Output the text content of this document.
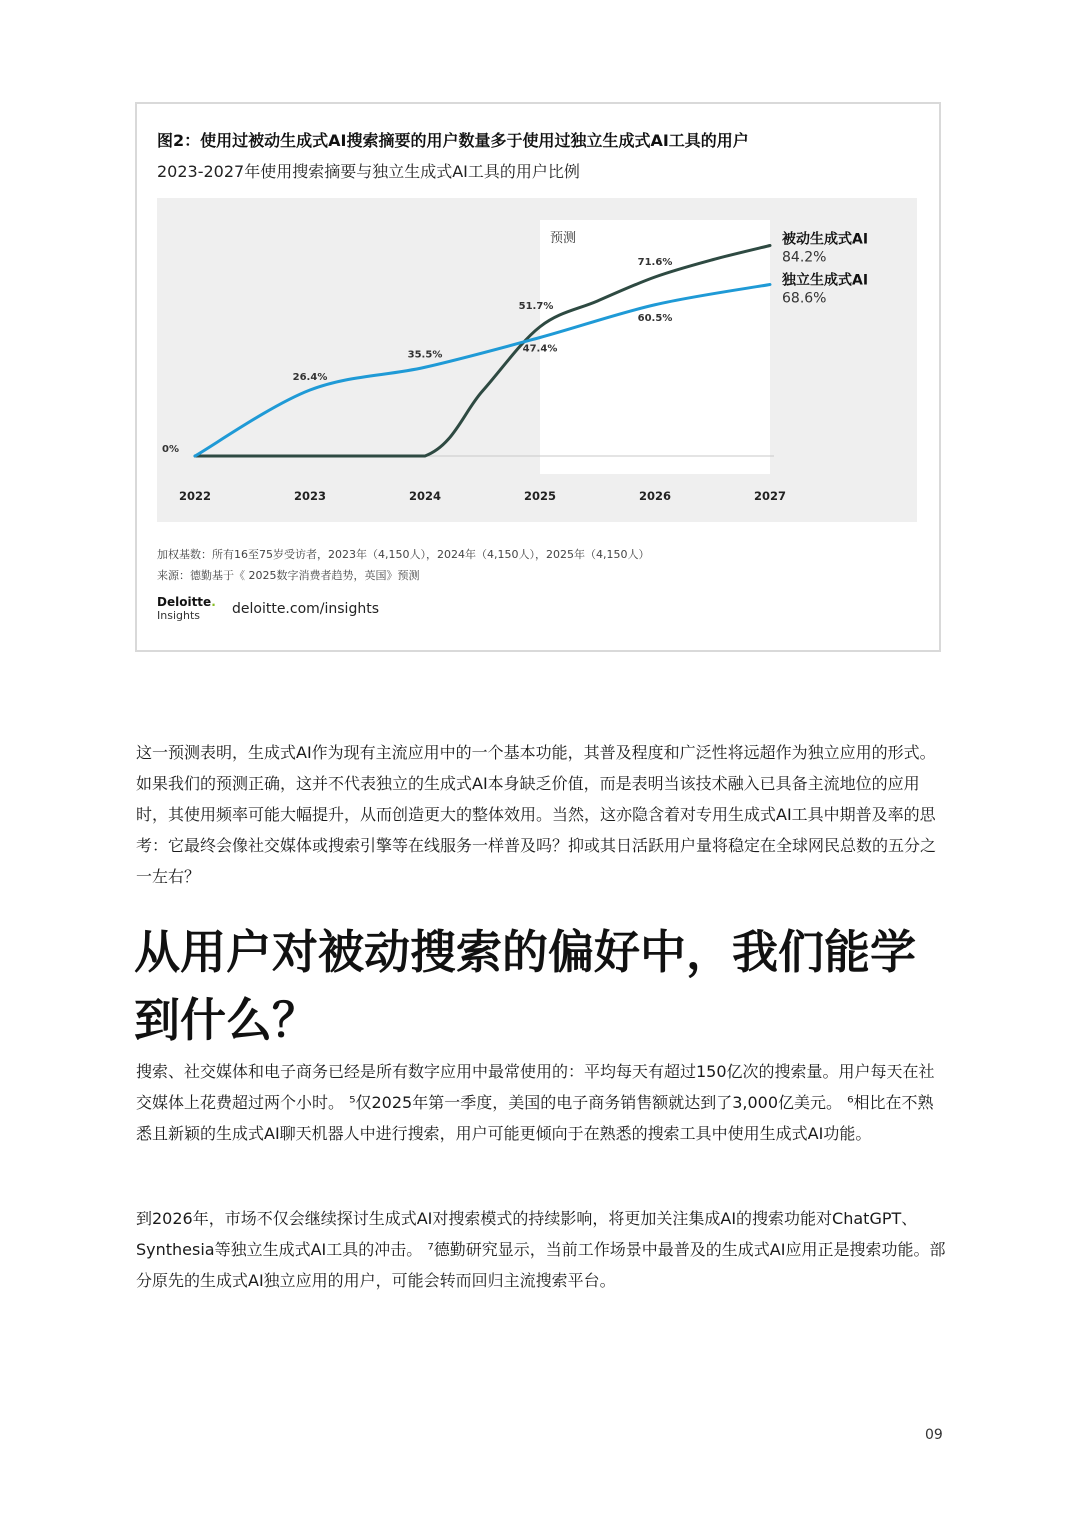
图2：使用过被动生成式AI搜索摘要的用户数量多于使用过独立生成式AI工具的用户
2023-2027年使用搜索摘要与独立生成式AI工具的用户比例
预测
2022	2023	2024	2025	2026	2027
51.7%
71.6%
被动生成式AI
84.2%
0%
26.4%
35.5%
47.4%
60.5%
独立生成式AI
68.6%
加权基数：所有16至75岁受访者，2023年（4,150人），2024年（4,150人），2025年（4,150人）
来源：德勤基于《 2025数字消费者趋势，英国》预测
Deloitte.
Insights	deloitte.com/insights

这一预测表明，生成式AI作为现有主流应用中的一个基本功能，其普及程度和广泛性将远超作为独立应用的形式。如果我们的预测正确，这并不代表独立的生成式AI本身缺乏价值，而是表明当该技术融入已具备主流地位的应用时，其使用频率可能大幅提升，从而创造更大的整体效用。当然，这亦隐含着对专用生成式AI工具中期普及率的思考：它最终会像社交媒体或搜索引擎等在线服务一样普及吗？抑或其日活跃用户量将稳定在全球网民总数的五分之一左右？

从用户对被动搜索的偏好中，我们能学到什么？

搜索、社交媒体和电子商务已经是所有数字应用中最常使用的：平均每天有超过150亿次的搜索量。用户每天在社交媒体上花费超过两个小时。 ⁵仅2025年第一季度，美国的电子商务销售额就达到了3,000亿美元。 ⁶相比在不熟悉且新颖的生成式AI聊天机器人中进行搜索，用户可能更倾向于在熟悉的搜索工具中使用生成式AI功能。

到2026年，市场不仅会继续探讨生成式AI对搜索模式的持续影响，将更加关注集成AI的搜索功能对ChatGPT、Synthesia等独立生成式AI工具的冲击。 ⁷德勤研究显示，当前工作场景中最普及的生成式AI应用正是搜索功能。部分原先的生成式AI独立应用的用户，可能会转而回归主流搜索平台。

09
